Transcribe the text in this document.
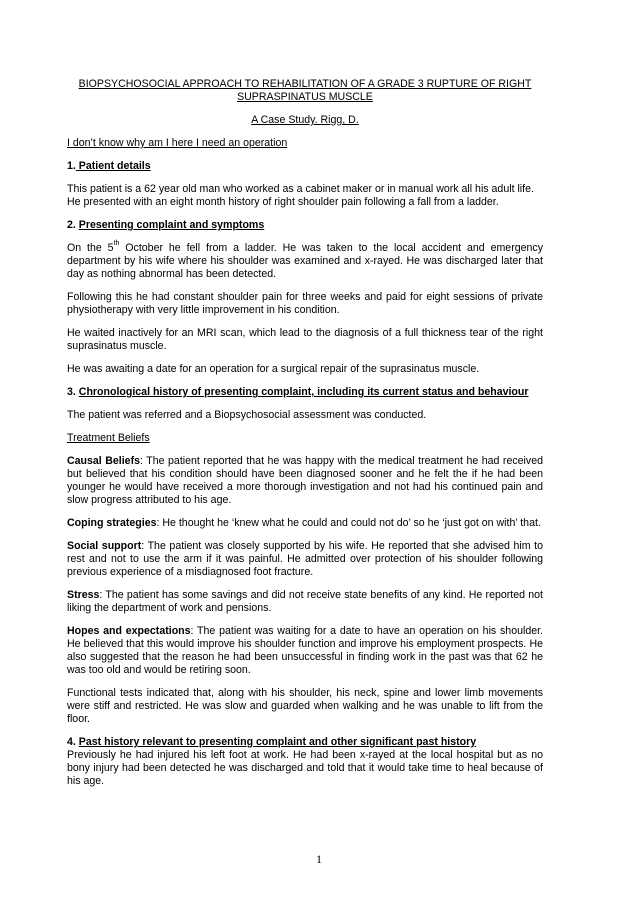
BIOPSYCHOSOCIAL APPROACH TO REHABILITATION OF A GRADE 3 RUPTURE OF RIGHT

SUPRASPINATUS MUSCLE

A Case Study. Rigg, D.

I don’t know why am I here I need an operation

1. Patient details

This patient is a 62 year old man who worked as a cabinet maker or in manual work all his adult life. He presented with an eight month history of right shoulder pain following a fall from a ladder.

2. Presenting complaint and symptoms

On the 5th October he fell from a ladder. He was taken to the local accident and emergency department by his wife where his shoulder was examined and x-rayed. He was discharged later that day as nothing abnormal has been detected.

Following this he had constant shoulder pain for three weeks and paid for eight sessions of private physiotherapy with very little improvement in his condition.

He waited inactively for an MRI scan, which lead to the diagnosis of a full thickness tear of the right suprasinatus muscle.

He was awaiting a date for an operation for a surgical repair of the suprasinatus muscle.

3. Chronological history of presenting complaint, including its current status and behaviour

The patient was referred and a Biopsychosocial assessment was conducted.

Treatment Beliefs

Causal Beliefs: The patient reported that he was happy with the medical treatment he had received but believed that his condition should have been diagnosed sooner and he felt the if he had been younger he would have received a more thorough investigation and not had his continued pain and slow progress attributed to his age.

Coping strategies: He thought he ‘knew what he could and could not do’ so he ‘just got on with’ that.

Social support: The patient was closely supported by his wife. He reported that she advised him to rest and not to use the arm if it was painful. He admitted over protection of his shoulder following previous experience of a misdiagnosed foot fracture.

Stress: The patient has some savings and did not receive state benefits of any kind. He reported not liking the department of work and pensions.

Hopes and expectations: The patient was waiting for a date to have an operation on his shoulder. He believed that this would improve his shoulder function and improve his employment prospects. He also suggested that the reason he had been unsuccessful in finding work in the past was that 62 he was too old and would be retiring soon.

Functional tests indicated that, along with his shoulder, his neck, spine and lower limb movements were stiff and restricted. He was slow and guarded when walking and he was unable to lift from the floor.

4. Past history relevant to presenting complaint and other significant past history

Previously he had injured his left foot at work. He had been x-rayed at the local hospital but as no bony injury had been detected he was discharged and told that it would take time to heal because of his age.

1
